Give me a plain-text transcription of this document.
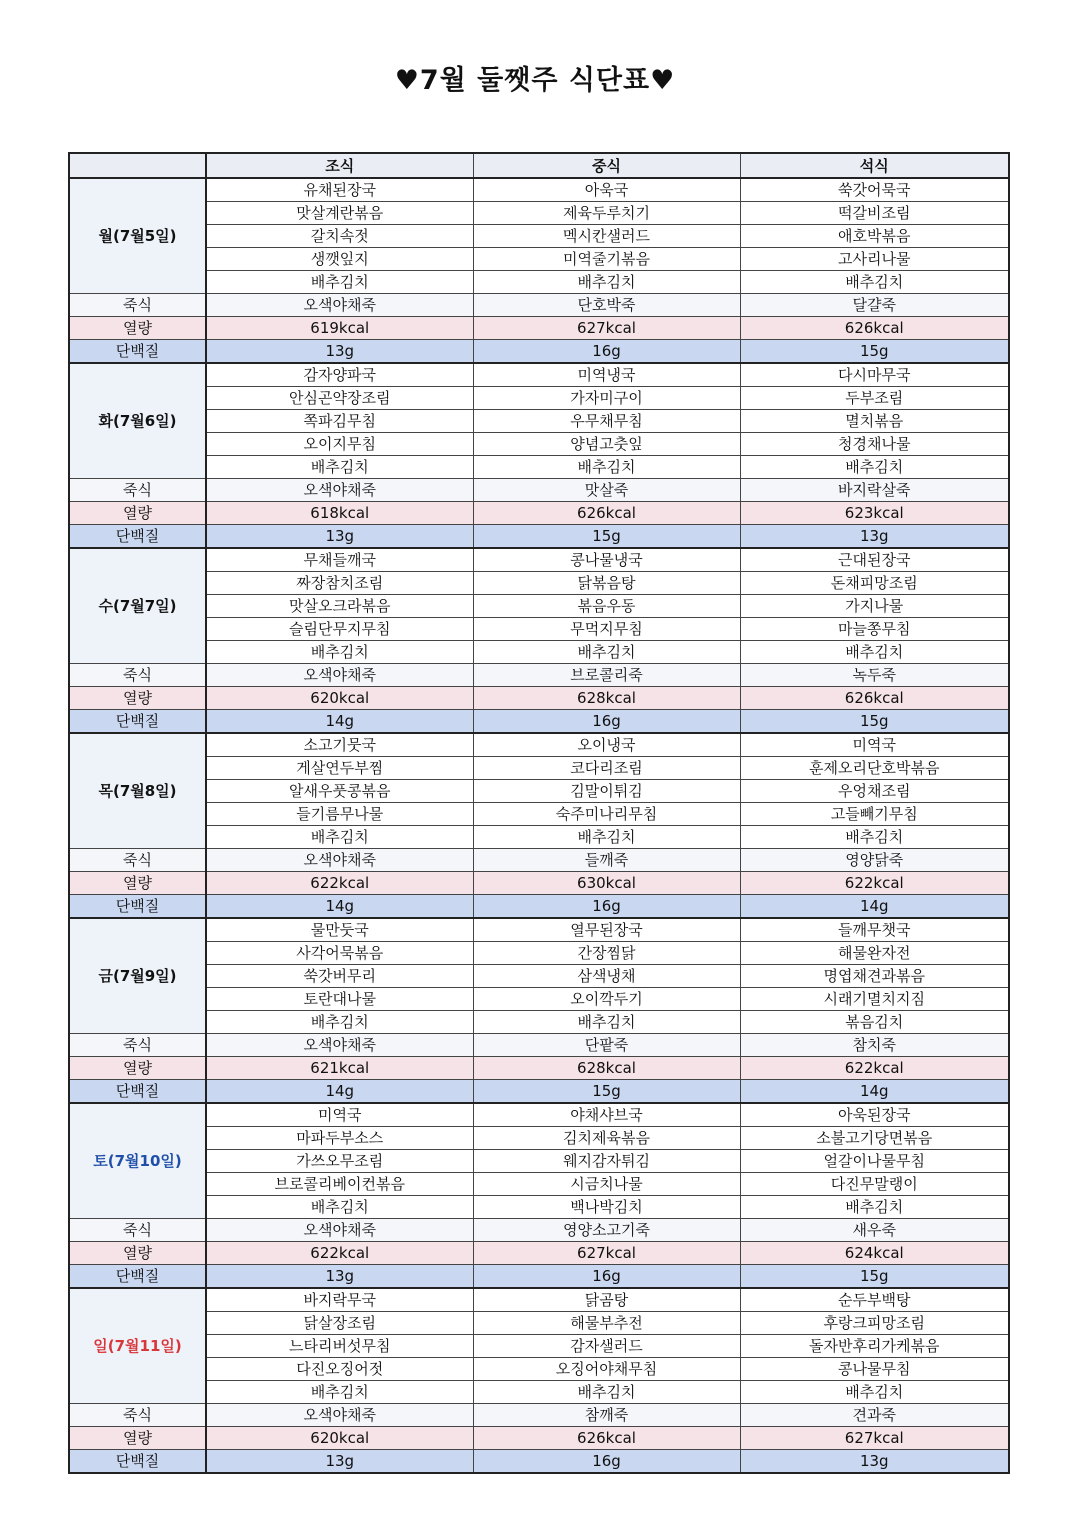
♥7월 둘쨋주 식단표♥
	조식	중식	석식
월(7월5일)	유채된장국	아욱국	쑥갓어묵국
	맛살계란볶음	제육두루치기	떡갈비조림
	갈치속젓	멕시칸샐러드	애호박볶음
	생깻잎지	미역줄기볶음	고사리나물
	배추김치	배추김치	배추김치
죽식	오색야채죽	단호박죽	달걀죽
열량	619kcal	627kcal	626kcal
단백질	13g	16g	15g
화(7월6일)	감자양파국	미역냉국	다시마무국
	안심곤약장조림	가자미구이	두부조림
	쪽파김무침	우무채무침	멸치볶음
	오이지무침	양념고춧잎	청경채나물
	배추김치	배추김치	배추김치
죽식	오색야채죽	맛살죽	바지락살죽
열량	618kcal	626kcal	623kcal
단백질	13g	15g	13g
수(7월7일)	무채들깨국	콩나물냉국	근대된장국
	짜장참치조림	닭볶음탕	돈채피망조림
	맛살오크라볶음	볶음우동	가지나물
	슬림단무지무침	무먹지무침	마늘쫑무침
	배추김치	배추김치	배추김치
죽식	오색야채죽	브로콜리죽	녹두죽
열량	620kcal	628kcal	626kcal
단백질	14g	16g	15g
목(7월8일)	소고기뭇국	오이냉국	미역국
	게살연두부찜	코다리조림	훈제오리단호박볶음
	알새우풋콩볶음	김말이튀김	우엉채조림
	들기름무나물	숙주미나리무침	고들빼기무침
	배추김치	배추김치	배추김치
죽식	오색야채죽	들깨죽	영양닭죽
열량	622kcal	630kcal	622kcal
단백질	14g	16g	14g
금(7월9일)	물만둣국	열무된장국	들깨무챗국
	사각어묵볶음	간장찜닭	해물완자전
	쑥갓버무리	삼색냉채	명엽채견과볶음
	토란대나물	오이깍두기	시래기멸치지짐
	배추김치	배추김치	볶음김치
죽식	오색야채죽	단팥죽	참치죽
열량	621kcal	628kcal	622kcal
단백질	14g	15g	14g
토(7월10일)	미역국	야채샤브국	아욱된장국
	마파두부소스	김치제육볶음	소불고기당면볶음
	가쓰오무조림	웨지감자튀김	얼갈이나물무침
	브로콜리베이컨볶음	시금치나물	다진무말랭이
	배추김치	백나박김치	배추김치
죽식	오색야채죽	영양소고기죽	새우죽
열량	622kcal	627kcal	624kcal
단백질	13g	16g	15g
일(7월11일)	바지락무국	닭곰탕	순두부백탕
	닭살장조림	해물부추전	후랑크피망조림
	느타리버섯무침	감자샐러드	돌자반후리가케볶음
	다진오징어젓	오징어야채무침	콩나물무침
	배추김치	배추김치	배추김치
죽식	오색야채죽	참깨죽	견과죽
열량	620kcal	626kcal	627kcal
단백질	13g	16g	13g
